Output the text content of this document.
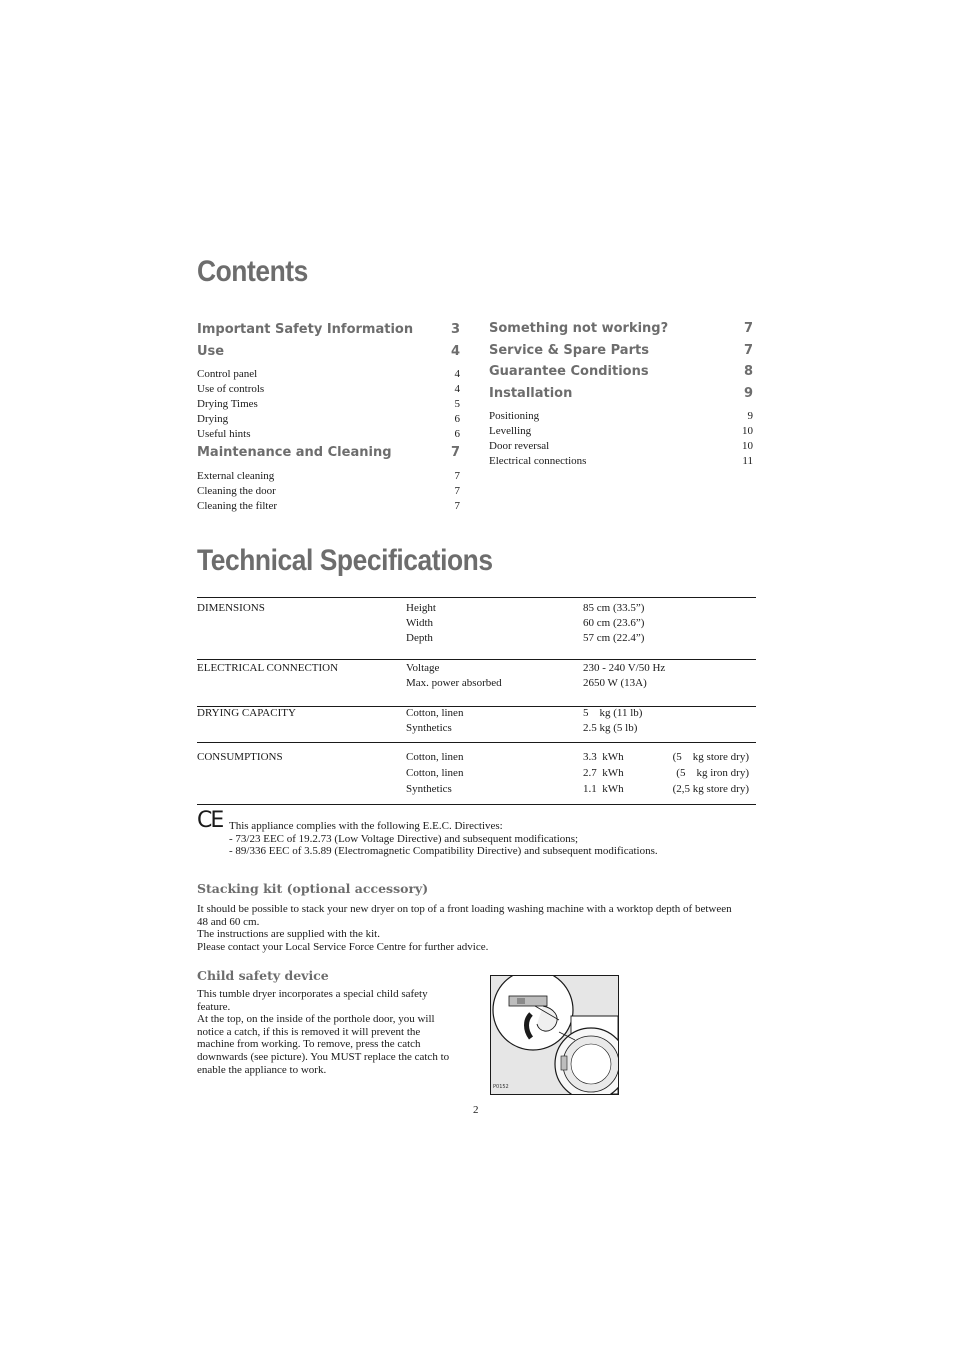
Contents
Important Safety Information	3
Use	4
Control panel	4
Use of controls	4
Drying Times	5
Drying	6
Useful hints	6
Maintenance and Cleaning	7
External cleaning	7
Cleaning the door	7
Cleaning the filter	7
Something not working?	7
Service & Spare Parts	7
Guarantee Conditions	8
Installation	9
Positioning	9
Levelling	10
Door reversal	10
Electrical connections	11
Technical Specifications
DIMENSIONS	Height	85 cm (33.5”)
Width	60 cm (23.6”)
Depth	57 cm (22.4”)
ELECTRICAL CONNECTION	Voltage	230 - 240 V/50 Hz
Max. power absorbed	2650 W (13A)
DRYING CAPACITY	Cotton, linen	5    kg (11 lb)
Synthetics	2.5 kg (5 lb)
CONSUMPTIONS	Cotton, linen	3.3  kWh	(5    kg store dry)
Cotton, linen	2.7  kWh	(5    kg iron dry)
Synthetics	1.1  kWh	(2,5 kg store dry)
CE This appliance complies with the following E.E.C. Directives:
- 73/23 EEC of 19.2.73 (Low Voltage Directive) and subsequent modifications;
- 89/336 EEC of 3.5.89 (Electromagnetic Compatibility Directive) and subsequent modifications.
Stacking kit (optional accessory)
It should be possible to stack your new dryer on top of a front loading washing machine with a worktop depth of between
48 and 60 cm.
The instructions are supplied with the kit.
Please contact your Local Service Force Centre for further advice.
Child safety device
This tumble dryer incorporates a special child safety
feature.
At the top, on the inside of the porthole door, you will
notice a catch, if this is removed it will prevent the
machine from working. To remove, press the catch
downwards (see picture). You MUST replace the catch to
enable the appliance to work.
P0152
2
